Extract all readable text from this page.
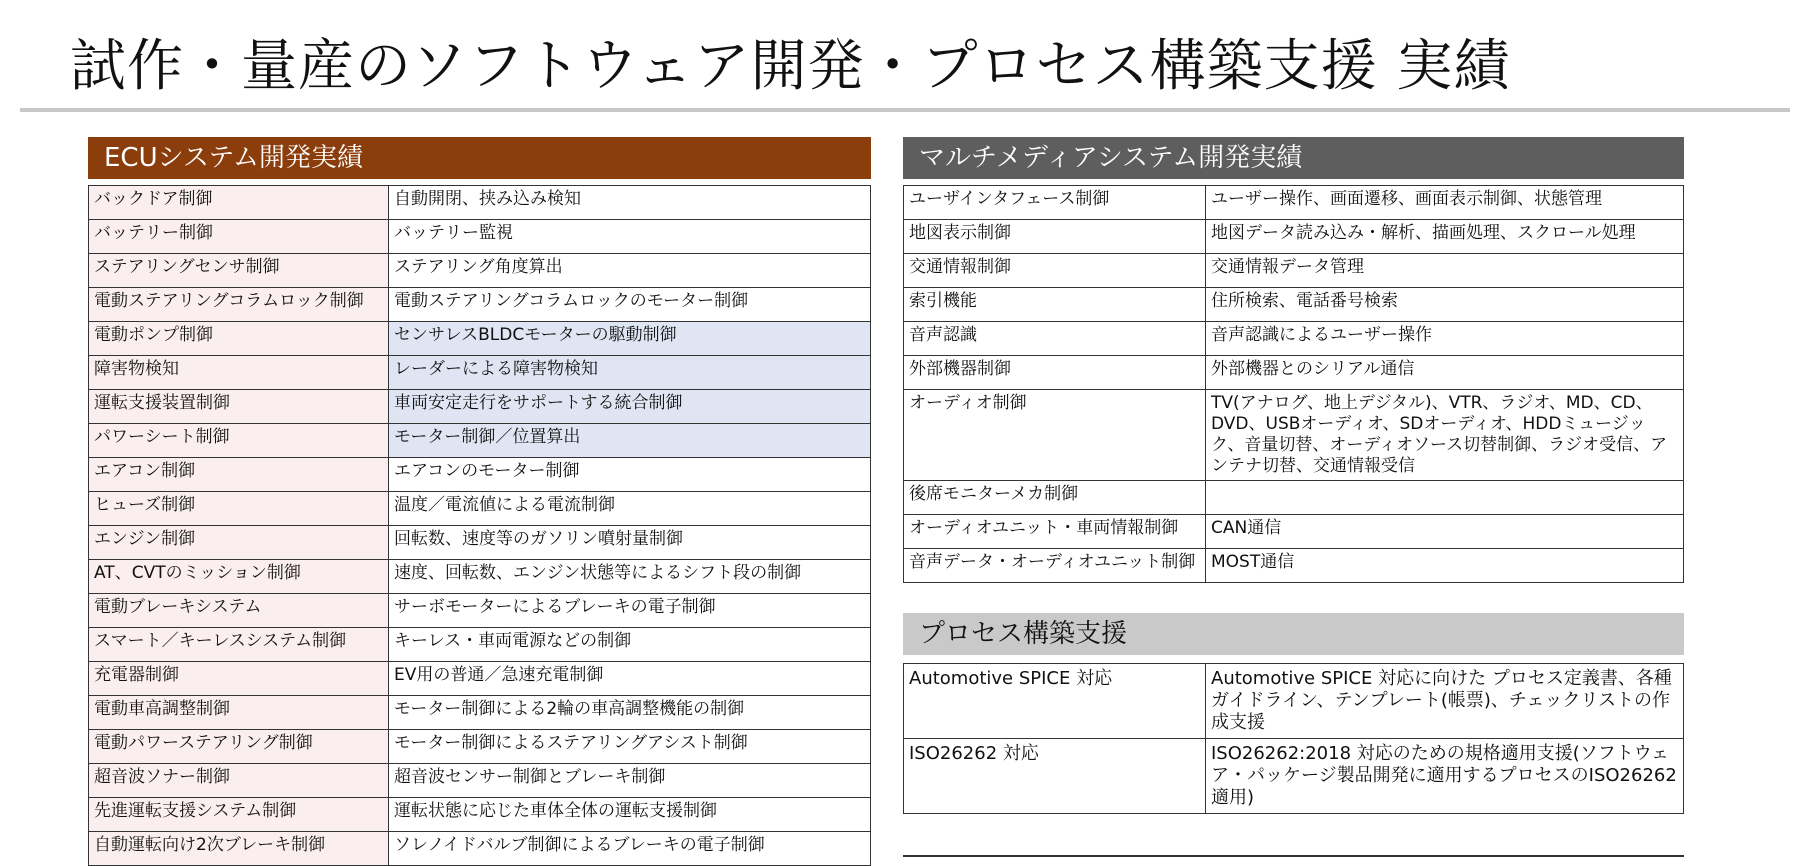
試作・量産のソフトウェア開発・プロセス構築支援 実績
ECUシステム開発実績
バックドア制御	自動開閉、挟み込み検知
バッテリー制御	バッテリー監視
ステアリングセンサ制御	ステアリング角度算出
電動ステアリングコラムロック制御	電動ステアリングコラムロックのモーター制御
電動ポンプ制御	センサレスBLDCモーターの駆動制御
障害物検知	レーダーによる障害物検知
運転支援装置制御	車両安定走行をサポートする統合制御
パワーシート制御	モーター制御／位置算出
エアコン制御	エアコンのモーター制御
ヒューズ制御	温度／電流値による電流制御
エンジン制御	回転数、速度等のガソリン噴射量制御
AT、CVTのミッション制御	速度、回転数、エンジン状態等によるシフト段の制御
電動ブレーキシステム	サーボモーターによるブレーキの電子制御
スマート／キーレスシステム制御	キーレス・車両電源などの制御
充電器制御	EV用の普通／急速充電制御
電動車高調整制御	モーター制御による2輪の車高調整機能の制御
電動パワーステアリング制御	モーター制御によるステアリングアシスト制御
超音波ソナー制御	超音波センサー制御とブレーキ制御
先進運転支援システム制御	運転状態に応じた車体全体の運転支援制御
自動運転向け2次ブレーキ制御	ソレノイドバルブ制御によるブレーキの電子制御
マルチメディアシステム開発実績
ユーザインタフェース制御	ユーザー操作、画面遷移、画面表示制御、状態管理
地図表示制御	地図データ読み込み・解析、描画処理、スクロール処理
交通情報制御	交通情報データ管理
索引機能	住所検索、電話番号検索
音声認識	音声認識によるユーザー操作
外部機器制御	外部機器とのシリアル通信
オーディオ制御	TV(アナログ、地上デジタル)、VTR、ラジオ、MD、CD、DVD、USBオーディオ、SDオーディオ、HDDミュージック、音量切替、オーディオソース切替制御、ラジオ受信、アンテナ切替、交通情報受信
後席モニターメカ制御	
オーディオユニット・車両情報制御	CAN通信
音声データ・オーディオユニット制御	MOST通信
プロセス構築支援
Automotive SPICE 対応	Automotive SPICE 対応に向けた プロセス定義書、各種ガイドライン、テンプレート(帳票)、チェックリストの作成支援
ISO26262 対応	ISO26262:2018 対応のための規格適用支援(ソフトウェア・パッケージ製品開発に適用するプロセスのISO26262適用)
